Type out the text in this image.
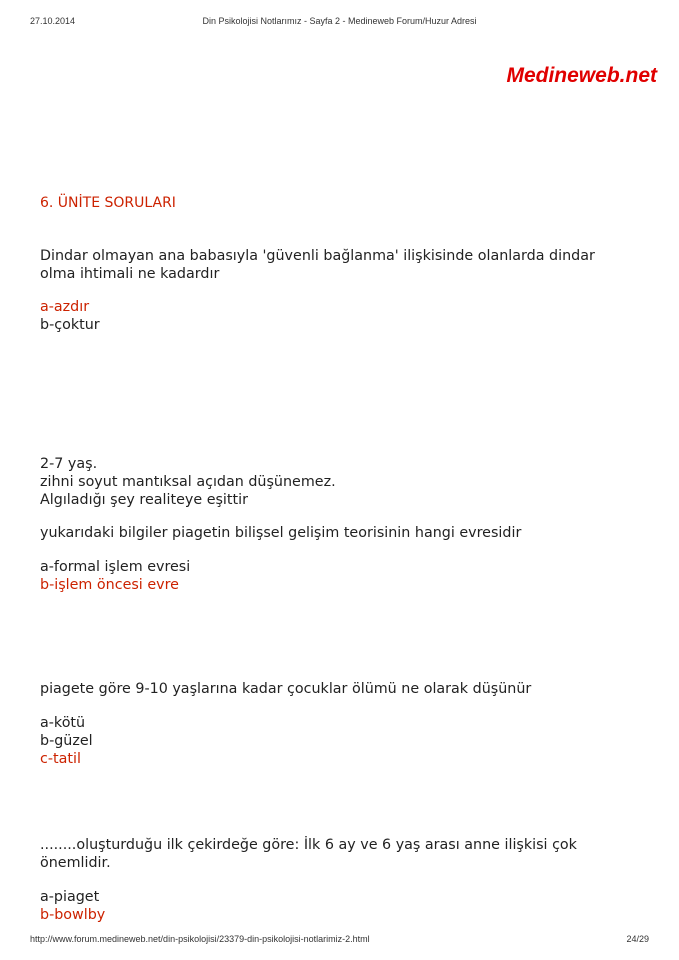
27.10.2014	Din Psikolojisi Notlarımız - Sayfa 2 - Medineweb Forum/Huzur Adresi
Medineweb.net
6. ÜNİTE SORULARI
Dindar olmayan ana babasıyla 'güvenli bağlanma' ilişkisinde olanlarda dindar
olma ihtimali ne kadardır
a-azdır
b-çoktur
2-7 yaş.
zihni soyut mantıksal açıdan düşünemez.
Algıladığı şey realiteye eşittir
yukarıdaki bilgiler piagetin bilişsel gelişim teorisinin hangi evresidir
a-formal işlem evresi
b-işlem öncesi evre
piagete göre 9-10 yaşlarına kadar çocuklar ölümü ne olarak düşünür
a-kötü
b-güzel
c-tatil
........oluşturduğu ilk çekirdeğe göre: İlk 6 ay ve 6 yaş arası anne ilişkisi çok
önemlidir.
a-piaget
b-bowlby
http://www.forum.medineweb.net/din-psikolojisi/23379-din-psikolojisi-notlarimiz-2.html	24/29
